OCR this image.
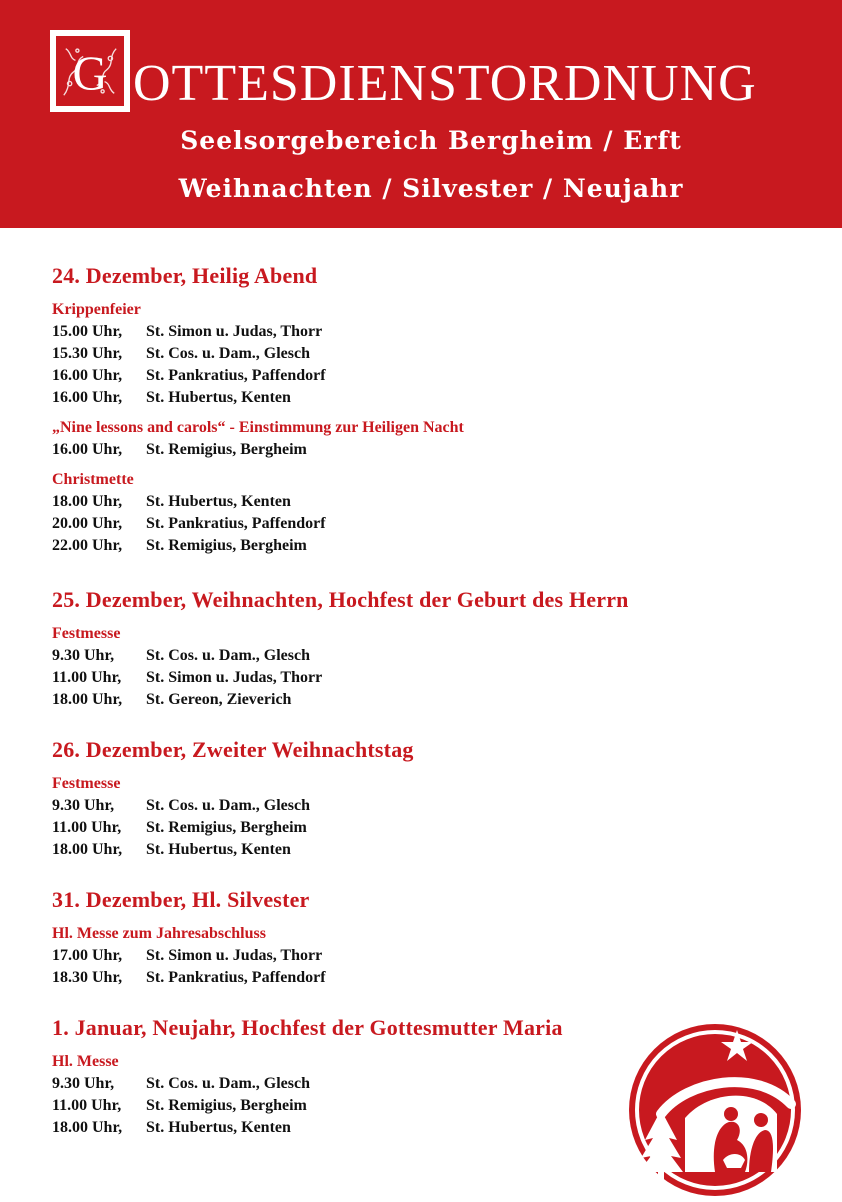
G OTTESDIENSTORDNUNG
Seelsorgebereich Bergheim / Erft
Weihnachten / Silvester / Neujahr
24. Dezember, Heilig Abend
Krippenfeier
15.00 Uhr,	St. Simon u. Judas, Thorr
15.30 Uhr,	St. Cos. u. Dam., Glesch
16.00 Uhr,	St. Pankratius, Paffendorf
16.00 Uhr,	St. Hubertus, Kenten
„Nine lessons and carols“ - Einstimmung zur Heiligen Nacht
16.00 Uhr,	St. Remigius, Bergheim
Christmette
18.00 Uhr,	St. Hubertus, Kenten
20.00 Uhr,	St. Pankratius, Paffendorf
22.00 Uhr,	St. Remigius, Bergheim
25. Dezember, Weihnachten, Hochfest der Geburt des Herrn
Festmesse
9.30 Uhr,	St. Cos. u. Dam., Glesch
11.00 Uhr,	St. Simon u. Judas, Thorr
18.00 Uhr,	St. Gereon, Zieverich
26. Dezember, Zweiter Weihnachtstag
Festmesse
9.30 Uhr,	St. Cos. u. Dam., Glesch
11.00 Uhr,	St. Remigius, Bergheim
18.00 Uhr,	St. Hubertus, Kenten
31. Dezember, Hl. Silvester
Hl. Messe zum Jahresabschluss
17.00 Uhr,	St. Simon u. Judas, Thorr
18.30 Uhr,	St. Pankratius, Paffendorf
1. Januar, Neujahr, Hochfest der Gottesmutter Maria
Hl. Messe
9.30 Uhr,	St. Cos. u. Dam., Glesch
11.00 Uhr,	St. Remigius, Bergheim
18.00 Uhr,	St. Hubertus, Kenten
